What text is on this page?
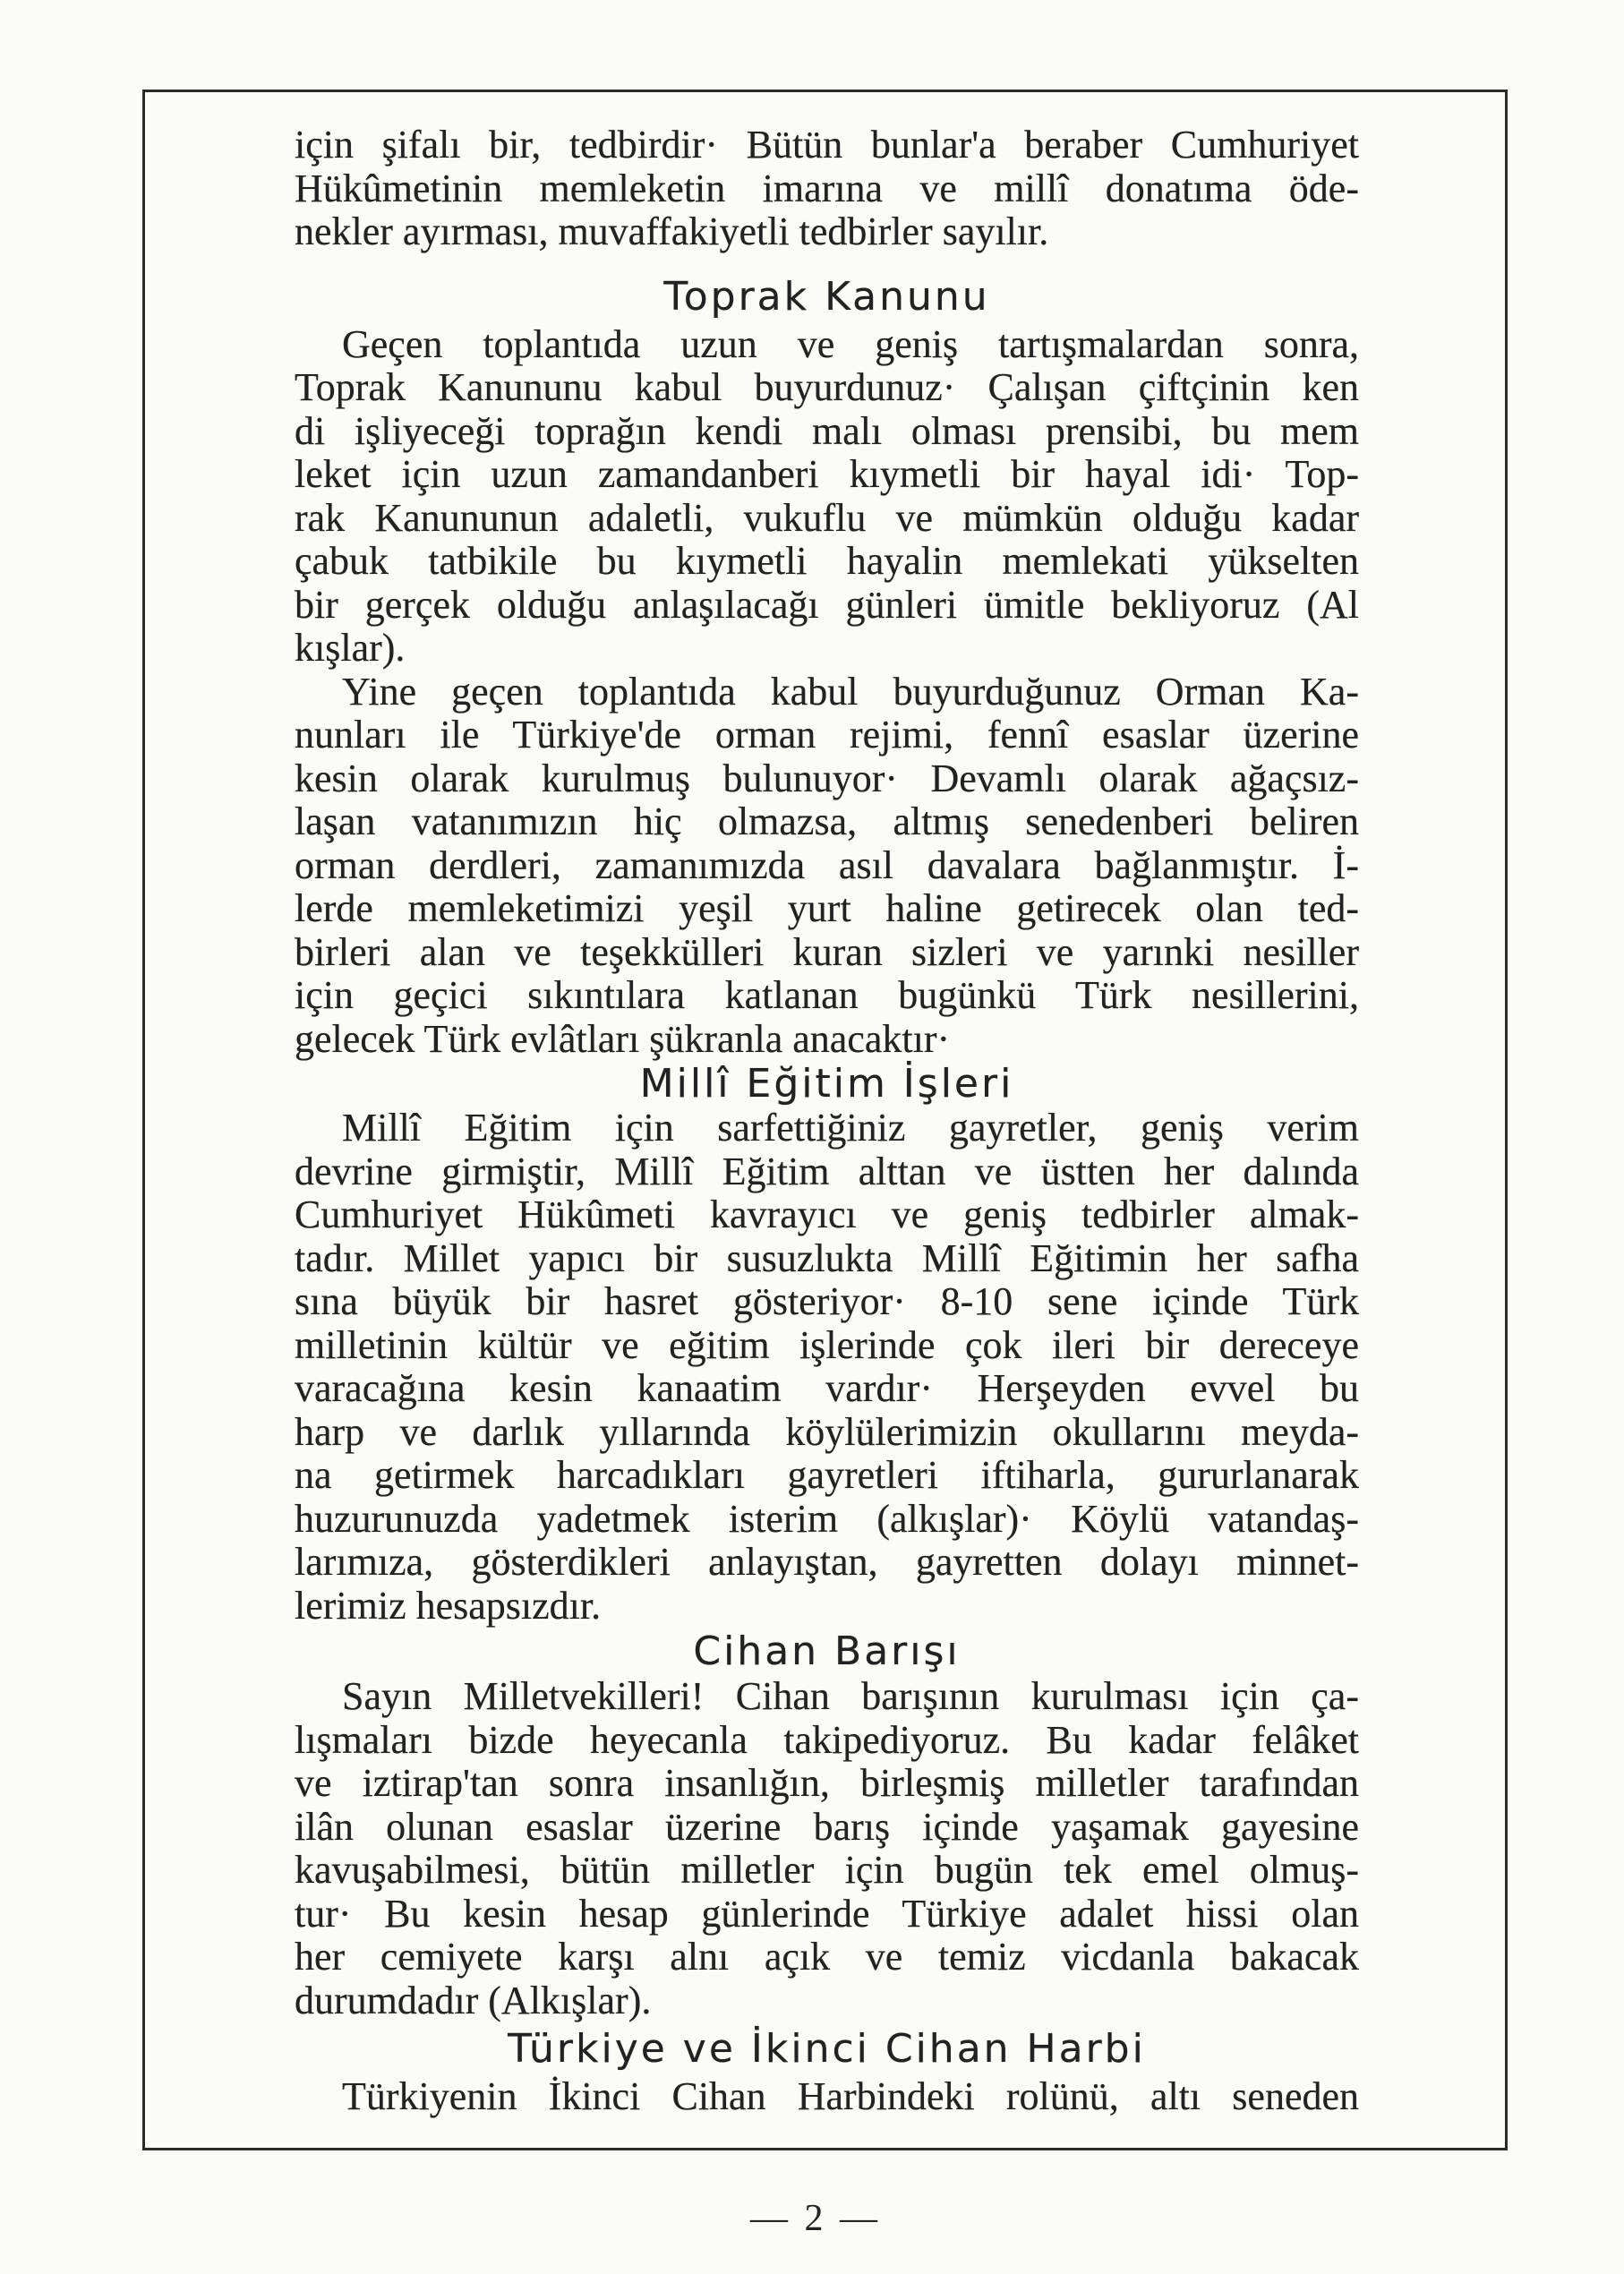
için şifalı bir, tedbirdir· Bütün bunlar'a beraber Cumhuriyet
Hükûmetinin memleketin imarına ve millî donatıma öde-
nekler ayırması, muvaffakiyetli tedbirler sayılır.
Toprak Kanunu
Geçen toplantıda uzun ve geniş tartışmalardan sonra,
Toprak Kanununu kabul buyurdunuz· Çalışan çiftçinin ken
di işliyeceği toprağın kendi malı olması prensibi, bu mem
leket için uzun zamandanberi kıymetli bir hayal idi· Top-
rak Kanununun adaletli, vukuflu ve mümkün olduğu kadar
çabuk tatbikile bu kıymetli hayalin memlekati yükselten
bir gerçek olduğu anlaşılacağı günleri ümitle bekliyoruz (Al
kışlar).
Yine geçen toplantıda kabul buyurduğunuz Orman Ka-
nunları ile Türkiye'de orman rejimi, fennî esaslar üzerine
kesin olarak kurulmuş bulunuyor· Devamlı olarak ağaçsız-
laşan vatanımızın hiç olmazsa, altmış senedenberi beliren
orman derdleri, zamanımızda asıl davalara bağlanmıştır. İ-
lerde memleketimizi yeşil yurt haline getirecek olan ted-
birleri alan ve teşekkülleri kuran sizleri ve yarınki nesiller
için geçici sıkıntılara katlanan bugünkü Türk nesillerini,
gelecek Türk evlâtları şükranla anacaktır·
Millî Eğitim İşleri
Millî Eğitim için sarfettiğiniz gayretler, geniş verim
devrine girmiştir, Millî Eğitim alttan ve üstten her dalında
Cumhuriyet Hükûmeti kavrayıcı ve geniş tedbirler almak-
tadır. Millet yapıcı bir susuzlukta Millî Eğitimin her safha
sına büyük bir hasret gösteriyor· 8-10 sene içinde Türk
milletinin kültür ve eğitim işlerinde çok ileri bir dereceye
varacağına kesin kanaatim vardır· Herşeyden evvel bu
harp ve darlık yıllarında köylülerimizin okullarını meyda-
na getirmek harcadıkları gayretleri iftiharla, gururlanarak
huzurunuzda yadetmek isterim (alkışlar)· Köylü vatandaş-
larımıza, gösterdikleri anlayıştan, gayretten dolayı minnet-
lerimiz hesapsızdır.
Cihan Barışı
Sayın Milletvekilleri! Cihan barışının kurulması için ça-
lışmaları bizde heyecanla takipediyoruz. Bu kadar felâket
ve iztirap'tan sonra insanlığın, birleşmiş milletler tarafından
ilân olunan esaslar üzerine barış içinde yaşamak gayesine
kavuşabilmesi, bütün milletler için bugün tek emel olmuş-
tur· Bu kesin hesap günlerinde Türkiye adalet hissi olan
her cemiyete karşı alnı açık ve temiz vicdanla bakacak
durumdadır (Alkışlar).
Türkiye ve İkinci Cihan Harbi
Türkiyenin İkinci Cihan Harbindeki rolünü, altı seneden
— 2 —
